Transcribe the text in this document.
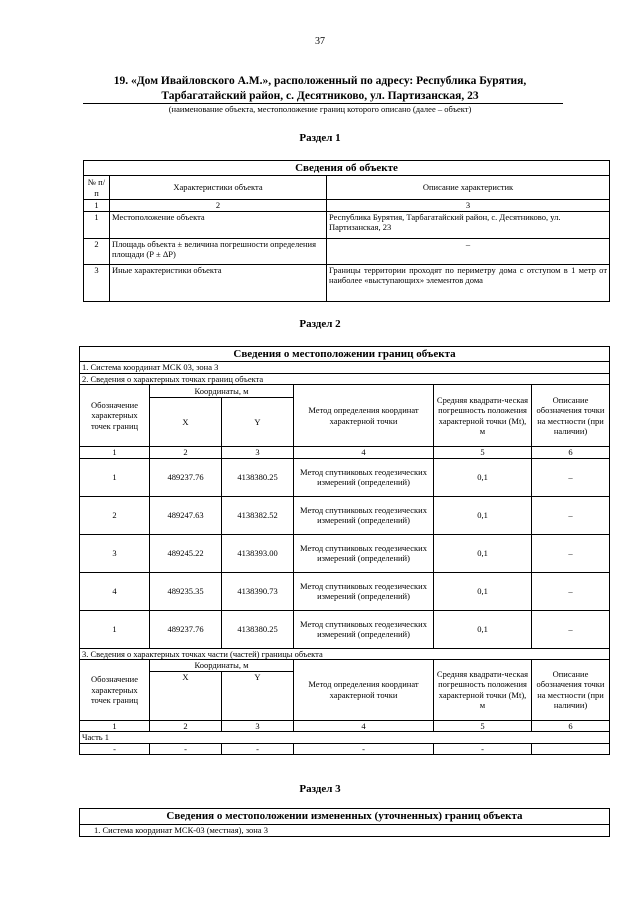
37
19. «Дом Ивайловского А.М.», расположенный по адресу: Республика Бурятия,
Тарбагатайский район, с. Десятниково, ул. Партизанская, 23
(наименование объекта, местоположение границ которого описано (далее – объект)
Раздел 1
Сведения об объекте		
№ п/п	Характеристики объекта	Описание характеристик
1	2	3
1	Местоположение объекта	Республика Бурятия, Тарбагатайский район, с. Десятниково, ул. Партизанская, 23
2	Площадь объекта ± величина погрешности определения площади (Р ± ΔР)	–
3	Иные характеристики объекта	Границы территории проходят по периметру дома с отступом в 1 метр от наиболее «выступающих» элементов дома
Раздел 2
Сведения о местоположении границ объекта					
1. Система координат МСК 03, зона 3					
2. Сведения о характерных точках границ объекта					
Обозначение характерных точек границ	Координаты, м		Метод определения координат характерной точки	Средняя квадрати-ческая погрешность положения характерной точки (Mt), м	Описание обозначения точки на местности (при наличии)
	X	Y			
1	2	3	4	5	6
1	489237.76	4138380.25	Метод спутниковых геодезических измерений (определений)	0,1	–
2	489247.63	4138382.52	Метод спутниковых геодезических измерений (определений)	0,1	–
3	489245.22	4138393.00	Метод спутниковых геодезических измерений (определений)	0,1	–
4	489235.35	4138390.73	Метод спутниковых геодезических измерений (определений)	0,1	–
1	489237.76	4138380.25	Метод спутниковых геодезических измерений (определений)	0,1	–
3. Сведения о характерных точках части (частей) границы объекта					
Обозначение характерных точек границ	Координаты, м		Метод определения координат характерной точки	Средняя квадрати-ческая погрешность положения характерной точки (Mt), м	Описание обозначения точки на местности (при наличии)
	X	Y			
1	2	3	4	5	6
Часть 1					
-	-	-	-	-	
Раздел 3
Сведения о местоположении измененных (уточненных) границ объекта
1. Система координат МСК-03 (местная), зона 3
